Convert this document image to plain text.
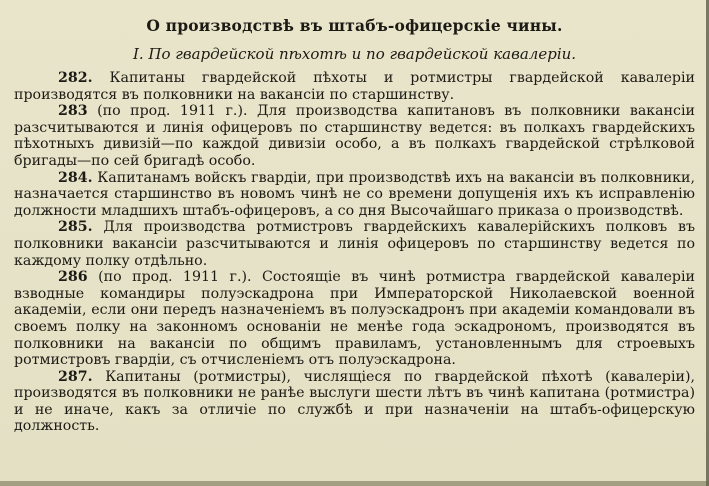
О производствѣ въ штабъ-офицерскіе чины.
I. По гвардейской пѣхотѣ и по гвардейской кавалеріи.

282. Капитаны гвардейской пѣхоты и ротмистры гвардейской кавалеріи производятся въ полковники на вакансіи по старшинству.

283 (по прод. 1911 г.). Для производства капитановъ въ полковники вакансіи разсчитываются и линія офицеровъ по старшинству ведется: въ полкахъ гвардейскихъ пѣхотныхъ дивизій—по каждой дивизіи особо, а въ полкахъ гвардейской стрѣлковой бригады—по сей бригадѣ особо.

284. Капитанамъ войскъ гвардіи, при производствѣ ихъ на вакансіи въ полковники, назначается старшинство въ новомъ чинѣ не со времени допущенія ихъ къ исправленію должности младшихъ штабъ-офицеровъ, а со дня Высочайшаго приказа о производствѣ.

285. Для производства ротмистровъ гвардейскихъ кавалерійскихъ полковъ въ полковники вакансіи разсчитываются и линія офицеровъ по старшинству ведется по каждому полку отдѣльно.

286 (по прод. 1911 г.). Состоящіе въ чинѣ ротмистра гвардейской кавалеріи взводные командиры полуэскадрона при Императорской Николаевской военной академіи, если они передъ назначеніемъ въ полуэскадронъ при академіи командовали въ своемъ полку на законномъ основаніи не менѣе года эскадрономъ, производятся въ полковники на вакансіи по общимъ правиламъ, установленнымъ для строевыхъ ротмистровъ гвардіи, съ отчисленіемъ отъ полуэскадрона.

287. Капитаны (ротмистры), числящіеся по гвардейской пѣхотѣ (кавалеріи), производятся въ полковники не ранѣе выслуги шести лѣтъ въ чинѣ капитана (ротмистра) и не иначе, какъ за отличіе по службѣ и при назначеніи на штабъ-офицерскую должность.
